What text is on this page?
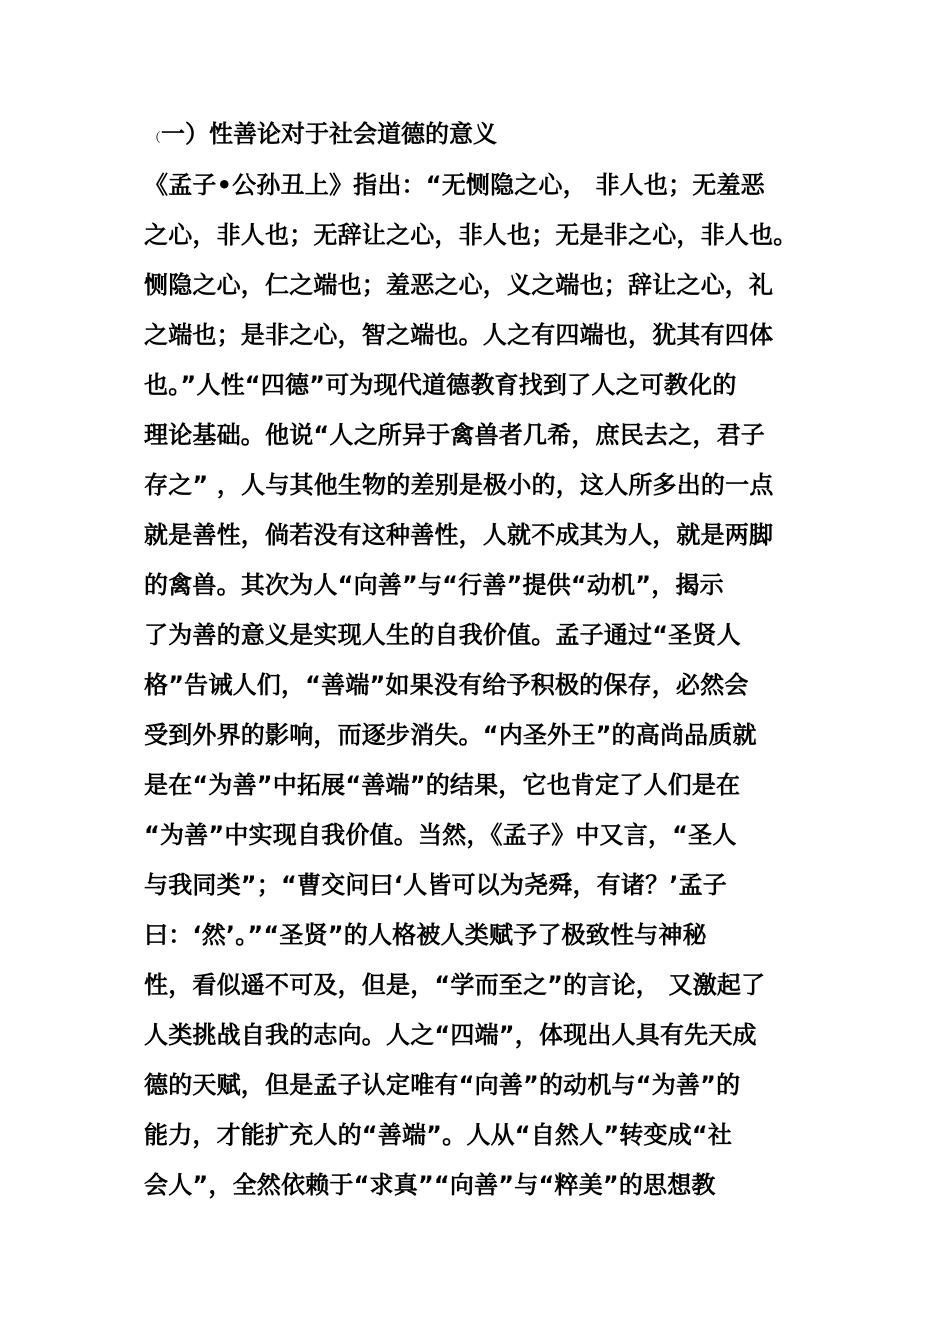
（一）性善论对于社会道德的意义
《孟子•公孙丑上》指出：“无恻隐之心， 非人也；无羞恶
之心，非人也；无辞让之心，非人也；无是非之心，非人也。
恻隐之心，仁之端也；羞恶之心，义之端也；辞让之心，礼
之端也；是非之心，智之端也。人之有四端也，犹其有四体
也。”人性“四德”可为现代道德教育找到了人之可教化的
理论基础。他说“人之所异于禽兽者几希，庶民去之，君子
存之” ，人与其他生物的差别是极小的，这人所多出的一点
就是善性，倘若没有这种善性，人就不成其为人，就是两脚
的禽兽。其次为人“向善”与“行善”提供“动机”，揭示
了为善的意义是实现人生的自我价值。孟子通过“圣贤人
格”告诫人们，“善端”如果没有给予积极的保存，必然会
受到外界的影响，而逐步消失。“内圣外王”的高尚品质就
是在“为善”中拓展“善端”的结果，它也肯定了人们是在
“为善”中实现自我价值。当然，《孟子》中又言，“圣人
与我同类”；“曹交问曰‘人皆可以为尧舜，有诸？’孟子
曰：‘然’。”“圣贤”的人格被人类赋予了极致性与神秘
性，看似遥不可及，但是，“学而至之”的言论， 又激起了
人类挑战自我的志向。人之“四端”，体现出人具有先天成
德的天赋，但是孟子认定唯有“向善”的动机与“为善”的
能力，才能扩充人的“善端”。人从“自然人”转变成“社
会人”，全然依赖于“求真”“向善”与“粹美”的思想教
